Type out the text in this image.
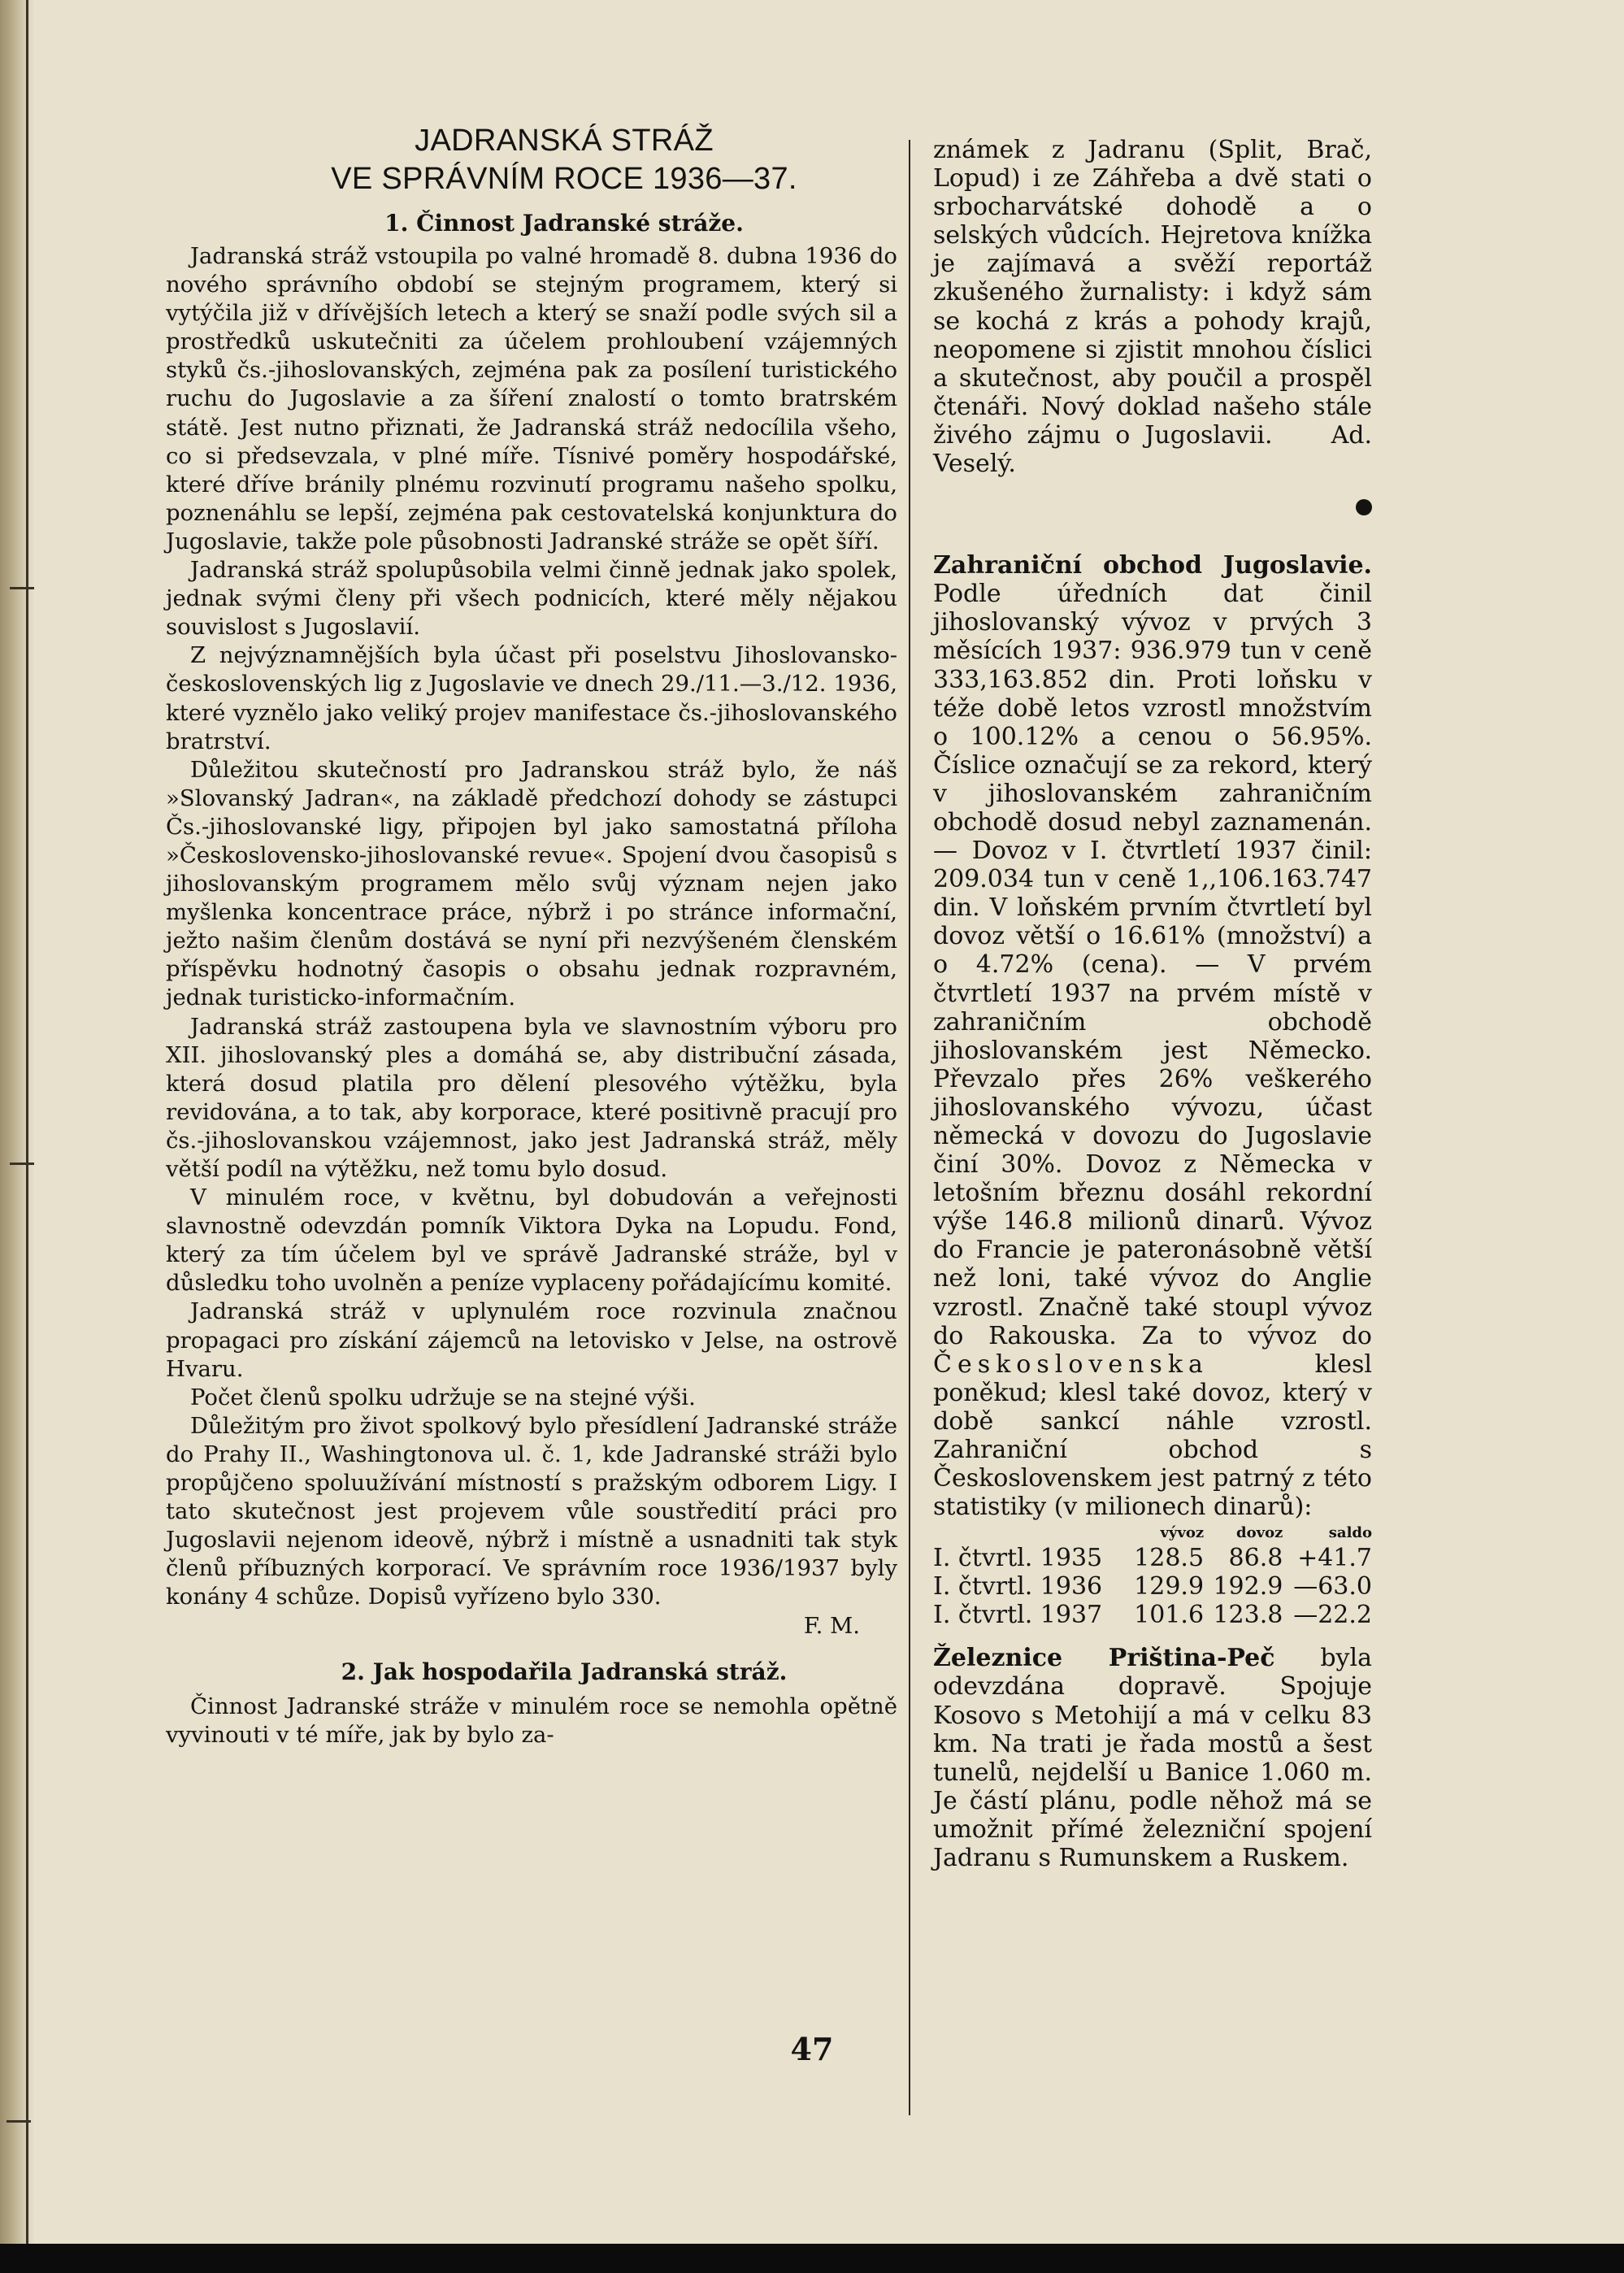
JADRANSKÁ STRÁŽ
VE SPRÁVNÍM ROCE 1936—37.
1. Činnost Jadranské stráže.

Jadranská stráž vstoupila po valné hromadě 8. dubna 1936 do nového správního období se stejným programem, který si vytýčila již v dřívějších letech a který se snaží podle svých sil a prostředků uskutečniti za účelem prohloubení vzájemných styků čs.-jihoslovanských, zejména pak za posílení turistického ruchu do Jugoslavie a za šíření znalostí o tomto bratrském státě. Jest nutno přiznati, že Jadranská stráž nedocílila všeho, co si předsevzala, v plné míře. Tísnivé poměry hospodářské, které dříve bránily plnému rozvinutí programu našeho spolku, poznenáhlu se lepší, zejména pak cestovatelská konjunktura do Jugoslavie, takže pole působnosti Jadranské stráže se opět šíří.

Jadranská stráž spolupůsobila velmi činně jednak jako spolek, jednak svými členy při všech podnicích, které měly nějakou souvislost s Jugoslavií.

Z nejvýznamnějších byla účast při poselstvu Jihoslovansko-československých lig z Jugoslavie ve dnech 29./11.—3./12. 1936, které vyznělo jako veliký projev manifestace čs.-jihoslovanského bratrství.

Důležitou skutečností pro Jadranskou stráž bylo, že náš »Slovanský Jadran«, na základě předchozí dohody se zástupci Čs.-jihoslovanské ligy, připojen byl jako samostatná příloha »Československo-jihoslovanské revue«. Spojení dvou časopisů s jihoslovanským programem mělo svůj význam nejen jako myšlenka koncentrace práce, nýbrž i po stránce informační, ježto našim členům dostává se nyní při nezvýšeném členském příspěvku hodnotný časopis o obsahu jednak rozpravném, jednak turisticko-informačním.

Jadranská stráž zastoupena byla ve slavnostním výboru pro XII. jihoslovanský ples a domáhá se, aby distribuční zásada, která dosud platila pro dělení plesového výtěžku, byla revidována, a to tak, aby korporace, které positivně pracují pro čs.-jihoslovanskou vzájemnost, jako jest Jadranská stráž, měly větší podíl na výtěžku, než tomu bylo dosud.

V minulém roce, v květnu, byl dobudován a veřejnosti slavnostně odevzdán pomník Viktora Dyka na Lopudu. Fond, který za tím účelem byl ve správě Jadranské stráže, byl v důsledku toho uvolněn a peníze vyplaceny pořádajícímu komité.

Jadranská stráž v uplynulém roce rozvinula značnou propagaci pro získání zájemců na letovisko v Jelse, na ostrově Hvaru.

Počet členů spolku udržuje se na stejné výši.

Důležitým pro život spolkový bylo přesídlení Jadranské stráže do Prahy II., Washingtonova ul. č. 1, kde Jadranské stráži bylo propůjčeno spoluužívání místností s pražským odborem Ligy. I tato skutečnost jest projevem vůle soustředití práci pro Jugoslavii nejenom ideově, nýbrž i místně a usnadniti tak styk členů příbuzných korporací. Ve správním roce 1936/1937 byly konány 4 schůze. Dopisů vyřízeno bylo 330.

F. M.
2. Jak hospodařila Jadranská stráž.

Činnost Jadranské stráže v minulém roce se nemohla opětně vyvinouti v té míře, jak by bylo za-

známek z Jadranu (Split, Brač, Lopud) i ze Záhřeba a dvě stati o srbocharvátské dohodě a o selských vůdcích. Hejretova knížka je zajímavá a svěží reportáž zkušeného žurnalisty: i když sám se kochá z krás a pohody krajů, neopomene si zjistit mnohou číslici a skutečnost, aby poučil a prospěl čtenáři. Nový doklad našeho stále živého zájmu o Jugoslavii. Ad. Veselý.

Zahraniční obchod Jugoslavie. Podle úředních dat činil jihoslovanský vývoz v prvých 3 měsících 1937: 936.979 tun v ceně 333,163.852 din. Proti loňsku v téže době letos vzrostl množstvím o 100.12% a cenou o 56.95%. Číslice označují se za rekord, který v jihoslovanském zahraničním obchodě dosud nebyl zaznamenán. — Dovoz v I. čtvrtletí 1937 činil: 209.034 tun v ceně 1,,106.163.747 din. V loňském prvním čtvrtletí byl dovoz větší o 16.61% (množství) a o 4.72% (cena). — V prvém čtvrtletí 1937 na prvém místě v zahraničním obchodě jihoslovanském jest Německo. Převzalo přes 26% veškerého jihoslovanského vývozu, účast německá v dovozu do Jugoslavie činí 30%. Dovoz z Německa v letošním březnu dosáhl rekordní výše 146.8 milionů dinarů. Vývoz do Francie je pateronásobně větší než loni, také vývoz do Anglie vzrostl. Značně také stoupl vývoz do Rakouska. Za to vývoz do Československa	klesl poněkud; klesl také dovoz, který v době sankcí náhle vzrostl. Zahraniční obchod s Československem jest patrný z této statistiky (v milionech dinarů):

	vývoz	dovoz	saldo
I. čtvrtl. 1935	128.5	86.8	+41.7
I. čtvrtl. 1936	129.9	192.9	—63.0
I. čtvrtl. 1937	101.6	123.8	—22.2

Železnice Priština-Peč byla odevzdána dopravě. Spojuje Kosovo s Metohijí a má v celku 83 km. Na trati je řada mostů a šest tunelů, nejdelší u Banice 1.060 m. Je částí plánu, podle něhož má se umožnit přímé železniční spojení Jadranu s Rumunskem a Ruskem.

47
